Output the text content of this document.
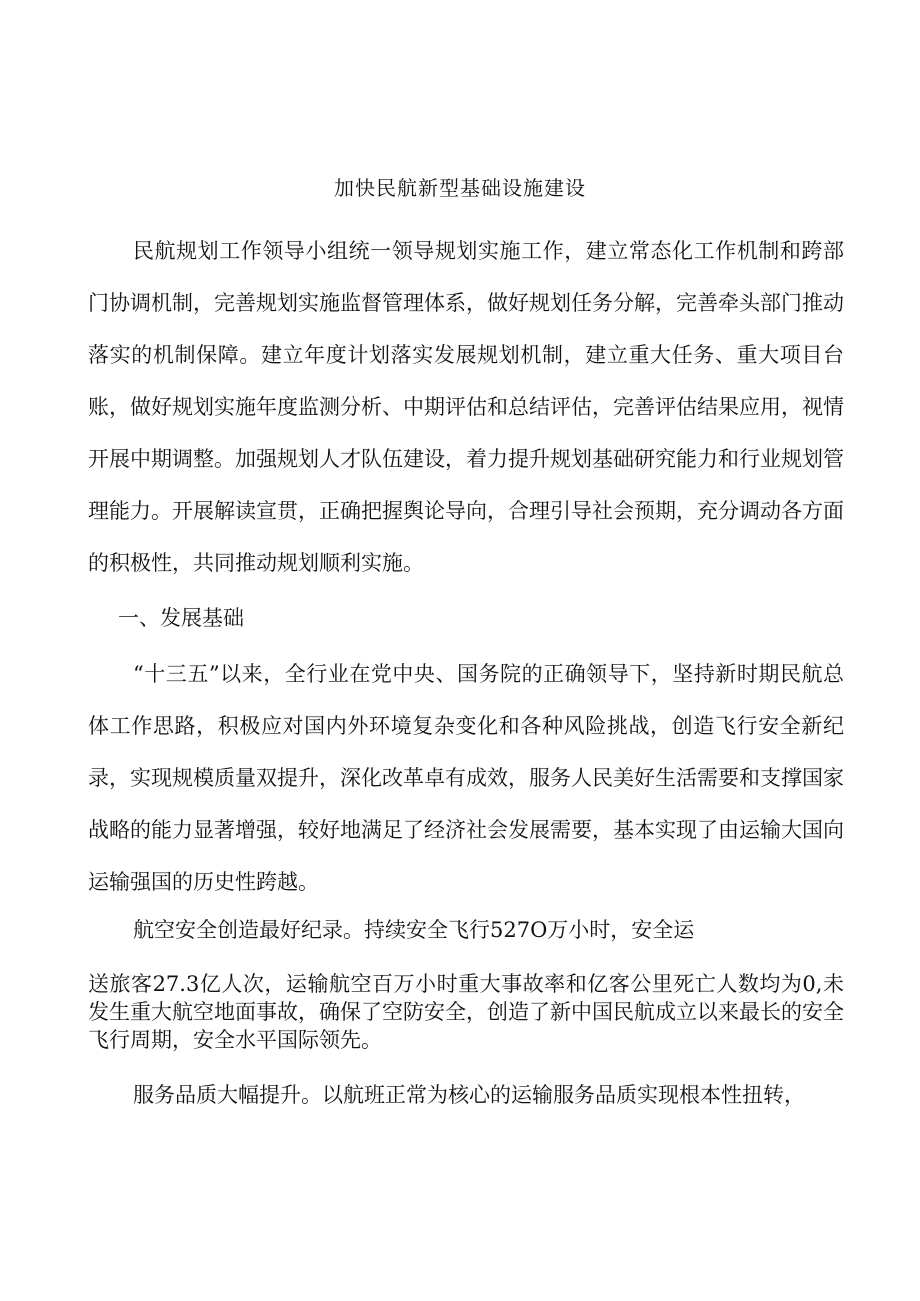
加快民航新型基础设施建设

民航规划工作领导小组统一领导规划实施工作，建立常态化工作机制和跨部门协调机制，完善规划实施监督管理体系，做好规划任务分解，完善牵头部门推动落实的机制保障。建立年度计划落实发展规划机制，建立重大任务、重大项目台账，做好规划实施年度监测分析、中期评估和总结评估，完善评估结果应用，视情开展中期调整。加强规划人才队伍建设，着力提升规划基础研究能力和行业规划管理能力。开展解读宣贯，正确把握舆论导向，合理引导社会预期，充分调动各方面的积极性，共同推动规划顺利实施。

一、发展基础

“十三五”以来，全行业在党中央、国务院的正确领导下，坚持新时期民航总体工作思路，积极应对国内外环境复杂变化和各种风险挑战，创造飞行安全新纪录，实现规模质量双提升，深化改革卓有成效，服务人民美好生活需要和支撑国家战略的能力显著增强，较好地满足了经济社会发展需要，基本实现了由运输大国向运输强国的历史性跨越。

航空安全创造最好纪录。持续安全飞行527O万小时，安全运

送旅客27.3亿人次，运输航空百万小时重大事故率和亿客公里死亡人数均为0,未发生重大航空地面事故，确保了空防安全，创造了新中国民航成立以来最长的安全飞行周期，安全水平国际领先。

服务品质大幅提升。以航班正常为核心的运输服务品质实现根本性扭转，
